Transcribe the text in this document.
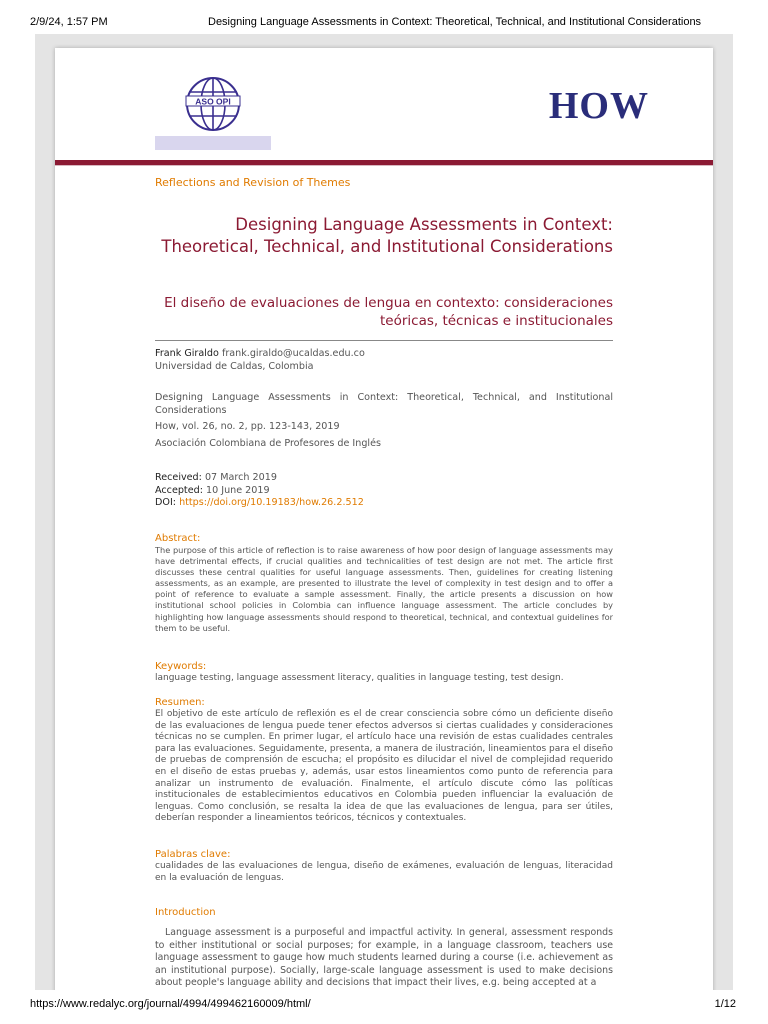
2/9/24, 1:57 PM	Designing Language Assessments in Context: Theoretical, Technical, and Institutional Considerations
ASO OPI	HOW
Reflections and Revision of Themes
Designing Language Assessments in Context: Theoretical, Technical, and Institutional Considerations
El diseño de evaluaciones de lengua en contexto: consideraciones teóricas, técnicas e institucionales
Frank Giraldo frank.giraldo@ucaldas.edu.co
Universidad de Caldas, Colombia

Designing Language Assessments in Context: Theoretical, Technical, and Institutional Considerations

How, vol. 26, no. 2, pp. 123-143, 2019

Asociación Colombiana de Profesores de Inglés

Received: 07 March 2019
Accepted: 10 June 2019
DOI: https://doi.org/10.19183/how.26.2.512
Abstract:
The purpose of this article of reflection is to raise awareness of how poor design of language assessments may have detrimental effects, if crucial qualities and technicalities of test design are not met. The article first discusses these central qualities for useful language assessments. Then, guidelines for creating listening assessments, as an example, are presented to illustrate the level of complexity in test design and to offer a point of reference to evaluate a sample assessment. Finally, the article presents a discussion on how institutional school policies in Colombia can influence language assessment. The article concludes by highlighting how language assessments should respond to theoretical, technical, and contextual guidelines for them to be useful.
Keywords:
language testing, language assessment literacy, qualities in language testing, test design.
Resumen:
El objetivo de este artículo de reflexión es el de crear consciencia sobre cómo un deficiente diseño de las evaluaciones de lengua puede tener efectos adversos si ciertas cualidades y consideraciones técnicas no se cumplen. En primer lugar, el artículo hace una revisión de estas cualidades centrales para las evaluaciones. Seguidamente, presenta, a manera de ilustración, lineamientos para el diseño de pruebas de comprensión de escucha; el propósito es dilucidar el nivel de complejidad requerido en el diseño de estas pruebas y, además, usar estos lineamientos como punto de referencia para analizar un instrumento de evaluación. Finalmente, el artículo discute cómo las políticas institucionales de establecimientos educativos en Colombia pueden influenciar la evaluación de lenguas. Como conclusión, se resalta la idea de que las evaluaciones de lengua, para ser útiles, deberían responder a lineamientos teóricos, técnicos y contextuales.
Palabras clave:
cualidades de las evaluaciones de lengua, diseño de exámenes, evaluación de lenguas, literacidad en la evaluación de lenguas.
Introduction
Language assessment is a purposeful and impactful activity. In general, assessment responds to either institutional or social purposes; for example, in a language classroom, teachers use language assessment to gauge how much students learned during a course (i.e. achievement as an institutional purpose). Socially, large-scale language assessment is used to make decisions about people's language ability and decisions that impact their lives, e.g. being accepted at a
https://www.redalyc.org/journal/4994/499462160009/html/	1/12
